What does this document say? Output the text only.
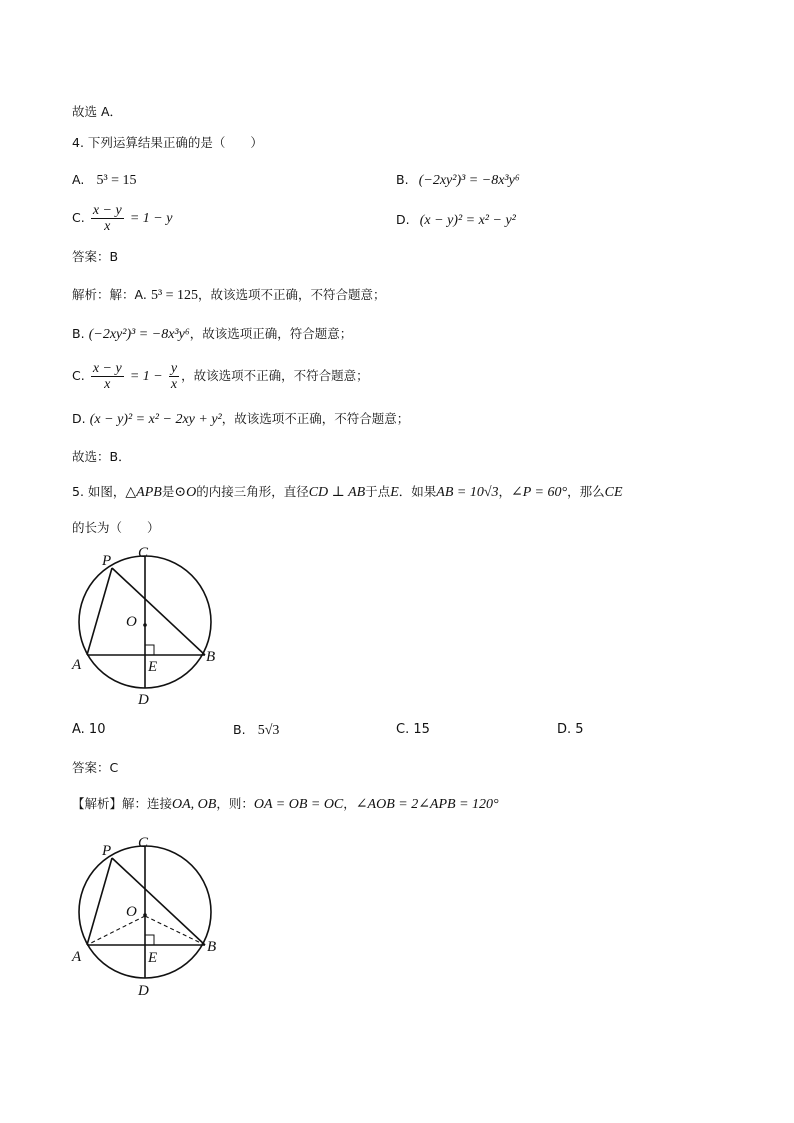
故选 A．
4. 下列运算结果正确的是（　　）
A. 5³ = 15	B. (−2xy²)³ = −8x³y⁶
C. $\frac{x - y}{x} = 1 - y$	D. (x − y)² = x² − y²
答案：B
解析：解：A. 5³ = 125，故该选项不正确，不符合题意；
B. (−2xy²)³ = −8x³y⁶，故该选项正确，符合题意；
C. $\frac{x - y}{x} = 1 - \frac{y}{x}$ ，故该选项不正确，不符合题意；
D. (x − y)² = x² − 2xy + y²，故该选项不正确，不符合题意；
故选：B．
5. 如图，△APB是⊙O的内接三角形，直径CD ⊥ AB于点E．如果AB = 10√3，∠P = 60°，那么CE
的长为（　　）
P C
O
A	B
E
D
A. 10	B. 5√3	C. 15	D. 5
答案：C
【解析】解：连接OA, OB，则：OA = OB = OC，∠AOB = 2∠APB = 120°
P C
O
A
B
E
D
